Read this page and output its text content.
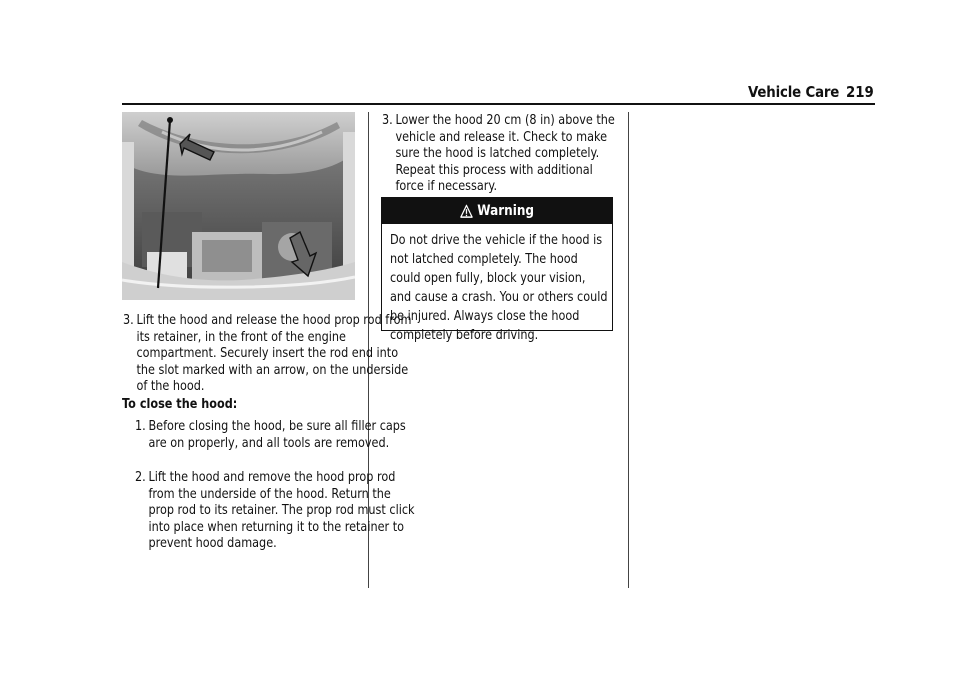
Vehicle Care 219
3. Lift the hood and release the hood prop rod from its retainer, in the front of the engine compartment. Securely insert the rod end into the slot marked with an arrow, on the underside of the hood.
To close the hood:
1. Before closing the hood, be sure all filler caps are on properly, and all tools are removed.
2. Lift the hood and remove the hood prop rod from the underside of the hood. Return the prop rod to its retainer. The prop rod must click into place when returning it to the retainer to prevent hood damage.
3. Lower the hood 20 cm (8 in) above the vehicle and release it. Check to make sure the hood is latched completely. Repeat this process with additional force if necessary.
Warning
Do not drive the vehicle if the hood is not latched completely. The hood could open fully, block your vision, and cause a crash. You or others could be injured. Always close the hood completely before driving.
